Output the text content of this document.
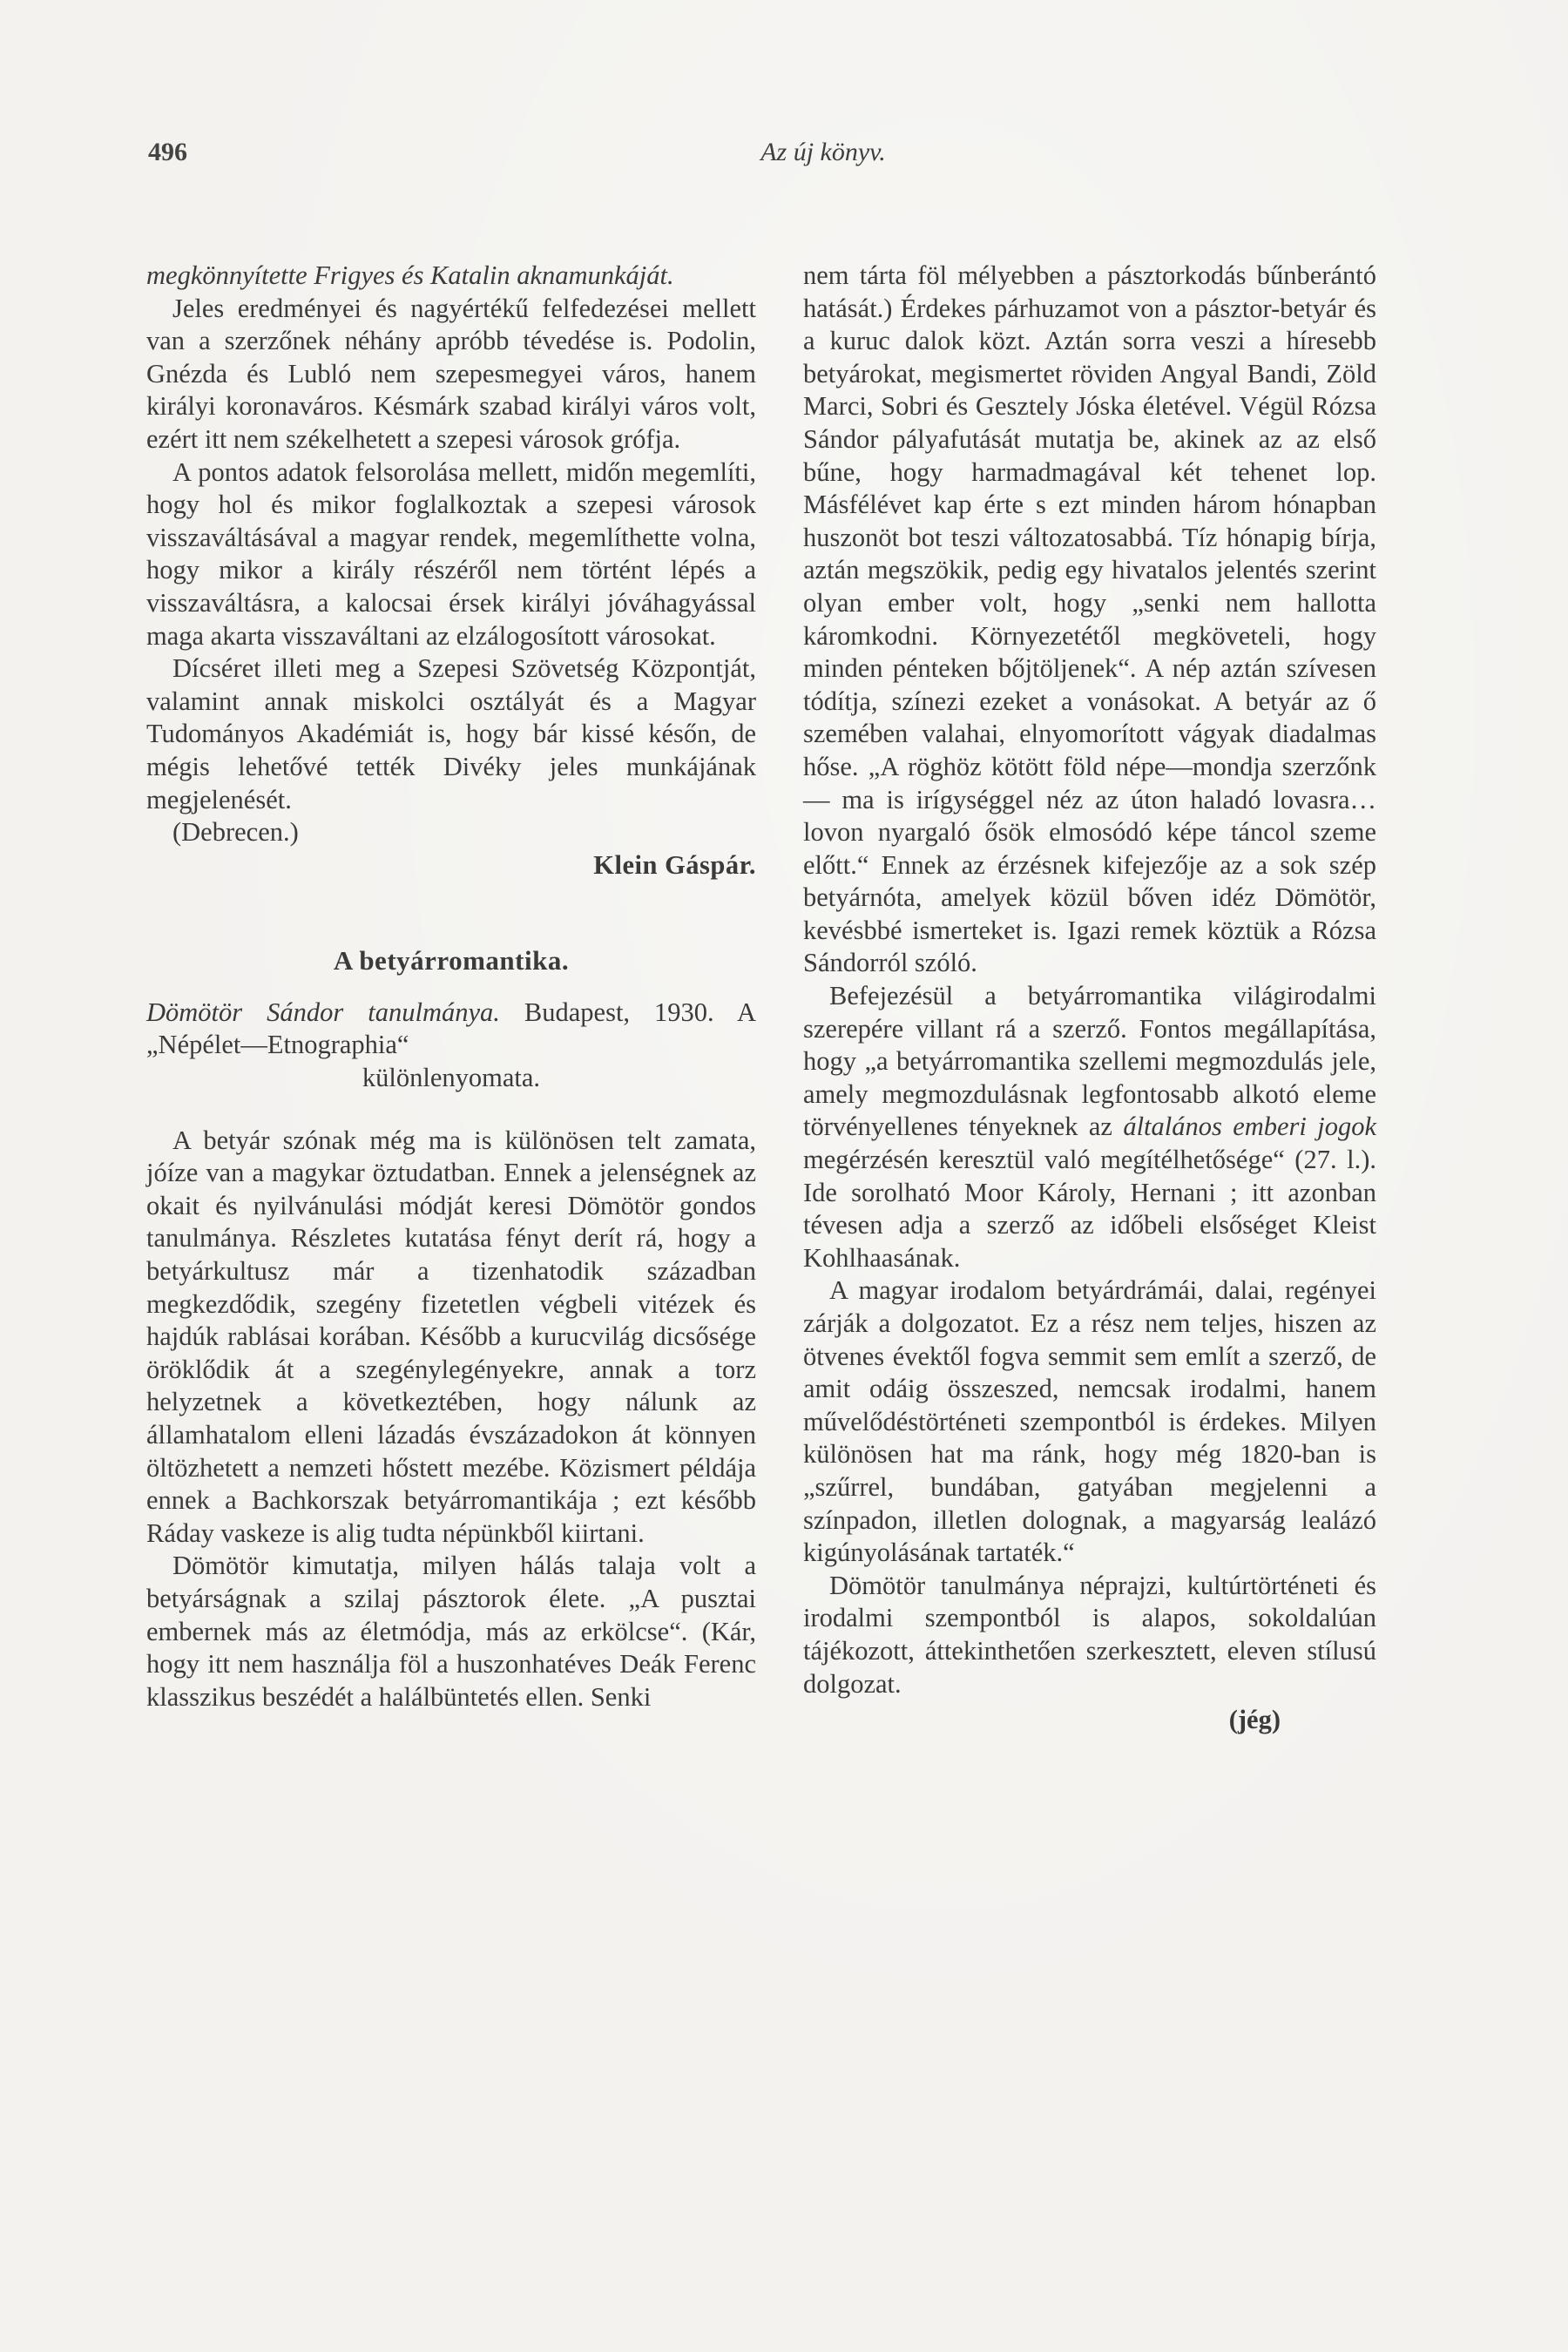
496	Az új könyv.

megkönnyítette Frigyes és Katalin aknamunkáját.

Jeles eredményei és nagyértékű felfedezései mellett van a szerzőnek néhány apróbb tévedése is. Podolin, Gnézda és Lubló nem szepesmegyei város, hanem királyi koronaváros. Késmárk szabad királyi város volt, ezért itt nem székelhetett a szepesi városok grófja.

A pontos adatok felsorolása mellett, midőn megemlíti, hogy hol és mikor foglalkoztak a szepesi városok visszaváltásával a magyar rendek, megemlíthette volna, hogy mikor a király részéről nem történt lépés a visszaváltásra, a kalocsai érsek királyi jóváhagyással maga akarta visszaváltani az elzálogosított városokat.

Dícséret illeti meg a Szepesi Szövetség Központját, valamint annak miskolci osztályát és a Magyar Tudományos Akadémiát is, hogy bár kissé későn, de mégis lehetővé tették Divéky jeles munkájának megjelenését.

(Debrecen.)

Klein Gáspár.

A betyárromantika.

Dömötör Sándor tanulmánya. Budapest, 1930. A „Népélet—Etnographia“

különlenyomata.

A betyár szónak még ma is különösen telt zamata, jóíze van a magykar öztudatban. Ennek a jelenségnek az okait és nyilvánulási módját keresi Dömötör gondos tanulmánya. Részletes kutatása fényt derít rá, hogy a betyárkultusz már a tizenhatodik században megkezdődik, szegény fizetetlen végbeli vitézek és hajdúk rablásai korában. Később a kurucvilág dicsősége öröklődik át a szegénylegényekre, annak a torz helyzetnek a következtében, hogy nálunk az államhatalom elleni lázadás évszázadokon át könnyen öltözhetett a nemzeti hőstett mezébe. Közismert példája ennek a Bachkorszak betyárromantikája ; ezt később Ráday vaskeze is alig tudta népünkből kiirtani.

Dömötör kimutatja, milyen hálás talaja volt a betyárságnak a szilaj pásztorok élete. „A pusztai embernek más az életmódja, más az erkölcse“. (Kár, hogy itt nem használja föl a huszonhatéves Deák Ferenc klasszikus beszédét a halálbüntetés ellen. Senki

nem tárta föl mélyebben a pásztorkodás bűnberántó hatását.) Érdekes párhuzamot von a pásztor-betyár és a kuruc dalok közt. Aztán sorra veszi a híresebb betyárokat, megismertet röviden Angyal Bandi, Zöld Marci, Sobri és Gesztely Jóska életével. Végül Rózsa Sándor pályafutását mutatja be, akinek az az első bűne, hogy harmadmagával két tehenet lop. Másfélévet kap érte s ezt minden három hónapban huszonöt bot teszi változatosabbá. Tíz hónapig bírja, aztán megszökik, pedig egy hivatalos jelentés szerint olyan ember volt, hogy „senki nem hallotta káromkodni. Környezetétől megköveteli, hogy minden pénteken bőjtöljenek“. A nép aztán szívesen tódítja, színezi ezeket a vonásokat. A betyár az ő szemében valahai, elnyomorított vágyak diadalmas hőse. „A röghöz kötött föld népe—mondja szerzőnk — ma is irígységgel néz az úton haladó lovasra… lovon nyargaló ősök elmosódó képe táncol szeme előtt.“ Ennek az érzésnek kifejezője az a sok szép betyárnóta, amelyek közül bőven idéz Dömötör, kevésbbé ismerteket is. Igazi remek köztük a Rózsa Sándorról szóló.

Befejezésül a betyárromantika világirodalmi szerepére villant rá a szerző. Fontos megállapítása, hogy „a betyárromantika szellemi megmozdulás jele, amely megmozdulásnak legfontosabb alkotó eleme törvényellenes tényeknek az általános emberi jogok megérzésén keresztül való megítélhetősége“ (27. l.). Ide sorolható Moor Károly, Hernani ; itt azonban tévesen adja a szerző az időbeli elsőséget Kleist Kohlhaasának.

A magyar irodalom betyárdrámái, dalai, regényei zárják a dolgozatot. Ez a rész nem teljes, hiszen az ötvenes évektől fogva semmit sem említ a szerző, de amit odáig összeszed, nemcsak irodalmi, hanem művelődéstörténeti szempontból is érdekes. Milyen különösen hat ma ránk, hogy még 1820-ban is „szűrrel, bundában, gatyában megjelenni a színpadon, illetlen dolognak, a magyarság lealázó kigúnyolásának tartaték.“

Dömötör tanulmánya néprajzi, kultúrtörténeti és irodalmi szempontból is alapos, sokoldalúan tájékozott, áttekinthetően szerkesztett, eleven stílusú dolgozat.

(jég)
